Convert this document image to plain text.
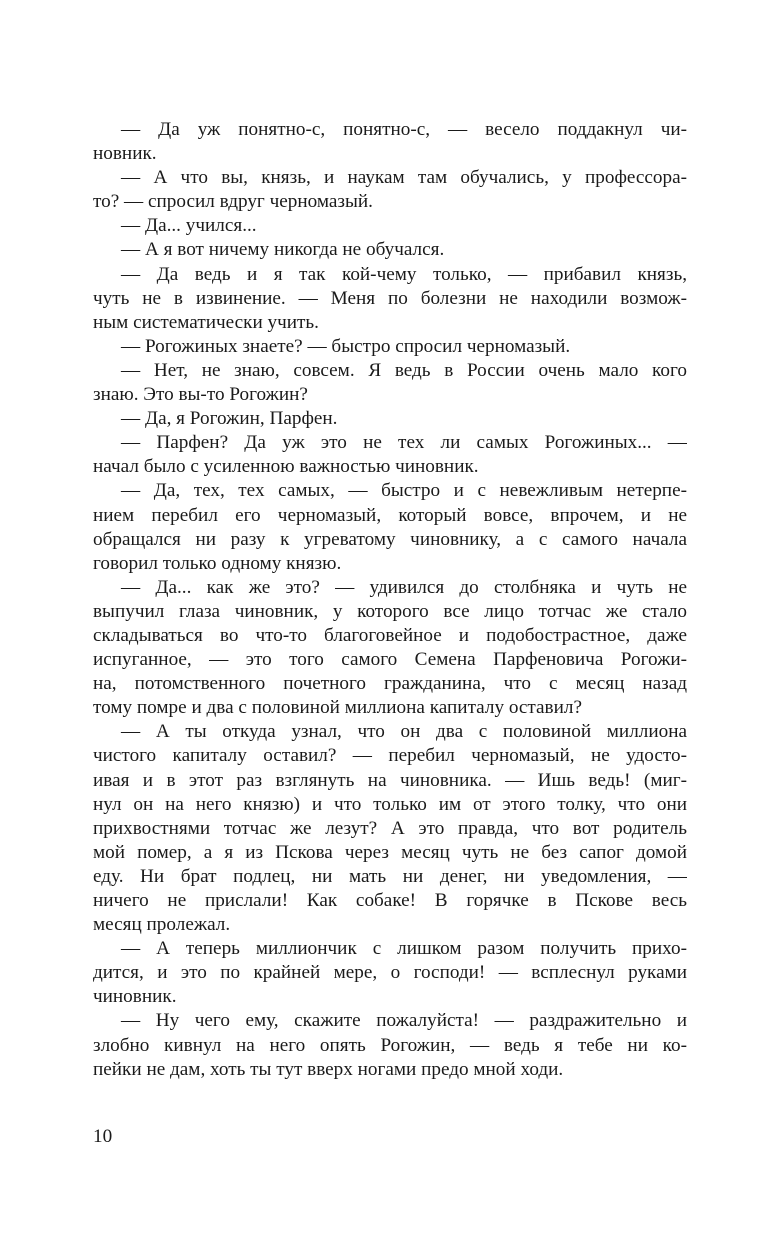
— Да уж понятно-с, понятно-с, — весело поддакнул чи-
новник.
— А что вы, князь, и наукам там обучались, у профессора-
то? — спросил вдруг черномазый.
— Да... учился...
— А я вот ничему никогда не обучался.
— Да ведь и я так кой-чему только, — прибавил князь,
чуть не в извинение. — Меня по болезни не находили возмож-
ным систематически учить.
— Рогожиных знаете? — быстро спросил черномазый.
— Нет, не знаю, совсем. Я ведь в России очень мало кого
знаю. Это вы-то Рогожин?
— Да, я Рогожин, Парфен.
— Парфен? Да уж это не тех ли самых Рогожиных... —
начал было с усиленною важностью чиновник.
— Да, тех, тех самых, — быстро и с невежливым нетерпе-
нием перебил его черномазый, который вовсе, впрочем, и не
обращался ни разу к угреватому чиновнику, а с самого начала
говорил только одному князю.
— Да... как же это? — удивился до столбняка и чуть не
выпучил глаза чиновник, у которого все лицо тотчас же стало
складываться во что-то благоговейное и подобострастное, даже
испуганное, — это того самого Семена Парфеновича Рогожи-
на, потомственного почетного гражданина, что с месяц назад
тому помре и два с половиной миллиона капиталу оставил?
— А ты откуда узнал, что он два с половиной миллиона
чистого капиталу оставил? — перебил черномазый, не удосто-
ивая и в этот раз взглянуть на чиновника. — Ишь ведь! (миг-
нул он на него князю) и что только им от этого толку, что они
прихвостнями тотчас же лезут? А это правда, что вот родитель
мой помер, а я из Пскова через месяц чуть не без сапог домой
еду. Ни брат подлец, ни мать ни денег, ни уведомления, —
ничего не прислали! Как собаке! В горячке в Пскове весь
месяц пролежал.
— А теперь миллиончик с лишком разом получить прихо-
дится, и это по крайней мере, о господи! — всплеснул руками
чиновник.
— Ну чего ему, скажите пожалуйста! — раздражительно и
злобно кивнул на него опять Рогожин, — ведь я тебе ни ко-
пейки не дам, хоть ты тут вверх ногами предо мной ходи.
10
